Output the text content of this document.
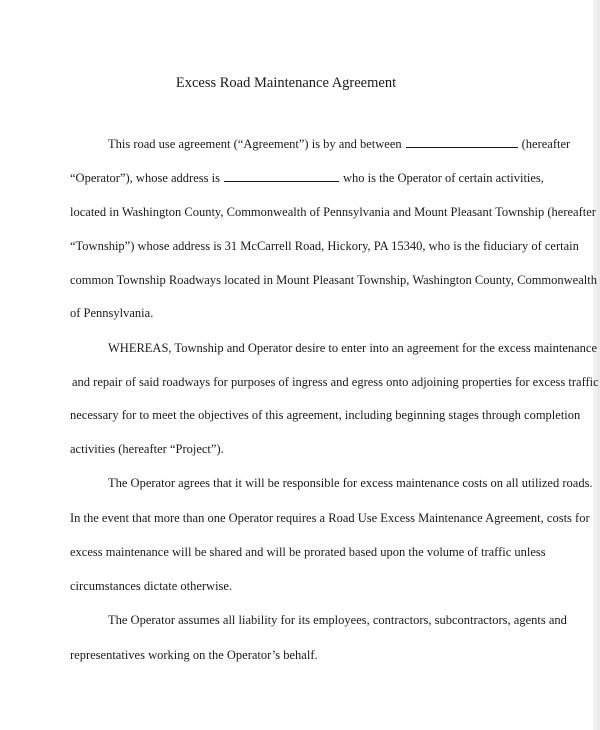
Excess Road Maintenance Agreement
This road use agreement (“Agreement”) is by and between	(hereafter
“Operator”), whose address is	who is the Operator of certain activities,
located in Washington County, Commonwealth of Pennsylvania and Mount Pleasant Township (hereafter
“Township”) whose address is 31 McCarrell Road, Hickory, PA 15340, who is the fiduciary of certain
common Township Roadways located in Mount Pleasant Township, Washington County, Commonwealth
of Pennsylvania.
WHEREAS, Township and Operator desire to enter into an agreement for the excess maintenance
and repair of said roadways for purposes of ingress and egress onto adjoining properties for excess traffic
necessary for to meet the objectives of this agreement, including beginning stages through completion
activities (hereafter “Project”).
The Operator agrees that it will be responsible for excess maintenance costs on all utilized roads.
In the event that more than one Operator requires a Road Use Excess Maintenance Agreement, costs for
excess maintenance will be shared and will be prorated based upon the volume of traffic unless
circumstances dictate otherwise.
The Operator assumes all liability for its employees, contractors, subcontractors, agents and
representatives working on the Operator’s behalf.
